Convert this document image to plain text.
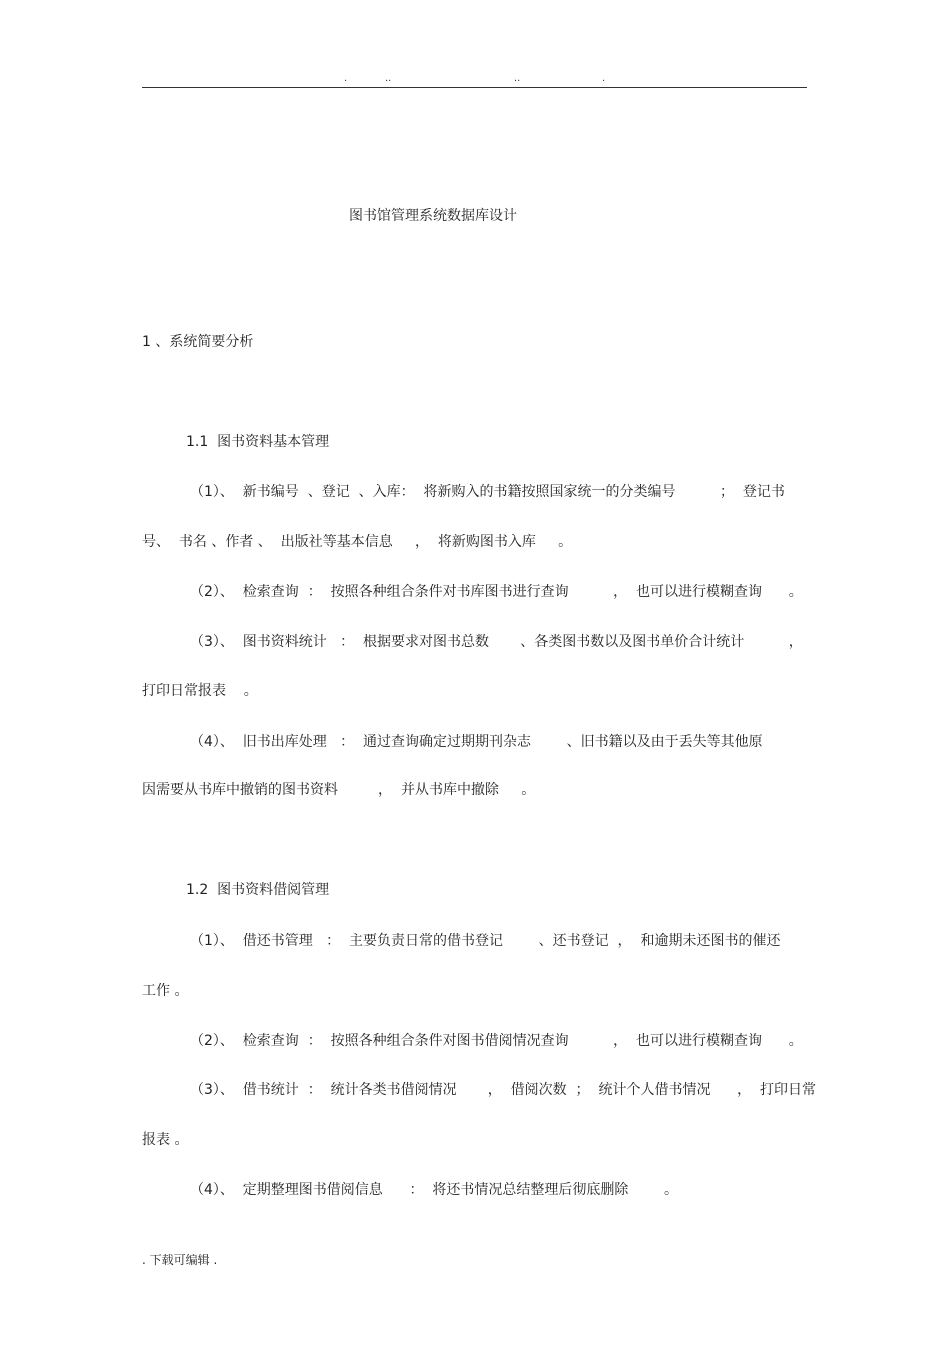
.	..	..	.
图书馆管理系统数据库设计
1 、系统简要分析
1.1  图书资料基本管理
（1）、  新书编号  、登记  、入库：  将新购入的书籍按照国家统一的分类编号          ；  登记书
号、  书名 、作者 、  出版社等基本信息     ，  将新购图书入库     。
（2）、  检索查询  ：  按照各种组合条件对书库图书进行查询          ，  也可以进行模糊查询      。
（3）、  图书资料统计   ：  根据要求对图书总数       、各类图书数以及图书单价合计统计          ，
打印日常报表    。
（4）、  旧书出库处理   ：  通过查询确定过期期刊杂志        、旧书籍以及由于丢失等其他原
因需要从书库中撤销的图书资料         ，  并从书库中撤除     。
1.2  图书资料借阅管理
（1）、  借还书管理   ：  主要负责日常的借书登记        、还书登记  ，  和逾期未还图书的催还
工作 。
（2）、  检索查询  ：  按照各种组合条件对图书借阅情况查询          ，  也可以进行模糊查询      。
（3）、  借书统计  ：  统计各类书借阅情况       ，  借阅次数  ；  统计个人借书情况      ，  打印日常
报表 。
（4）、  定期整理图书借阅信息      ：  将还书情况总结整理后彻底删除        。
. 下载可编辑 .
